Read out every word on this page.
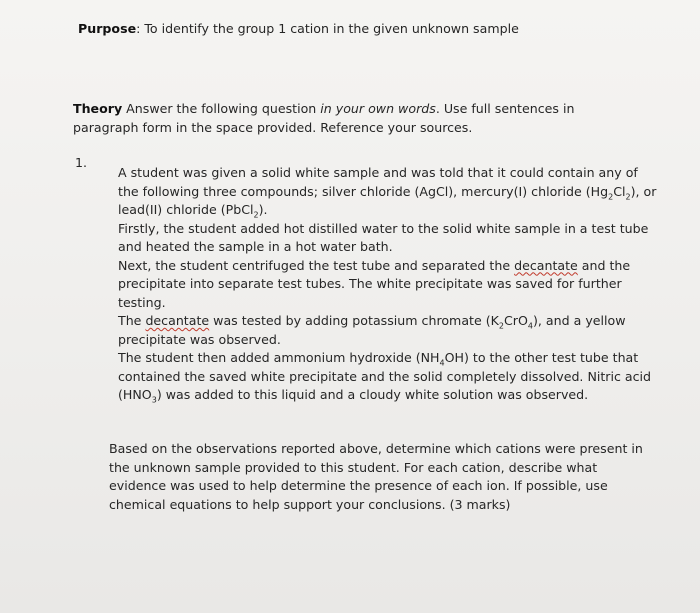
Purpose: To identify the group 1 cation in the given unknown sample
Theory Answer the following question in your own words. Use full sentences in paragraph form in the space provided. Reference your sources.
1.

A student was given a solid white sample and was told that it could contain any of the following three compounds; silver chloride (AgCl), mercury(I) chloride $(Hg_2Cl_2)$, or lead(II) chloride (PbCl$_2$).

Firstly, the student added hot distilled water to the solid white sample in a test tube and heated the sample in a hot water bath.

Next, the student centrifuged the test tube and separated the decantate and the precipitate into separate test tubes. The white precipitate was saved for further testing.

The decantate was tested by adding potassium chromate $(K_2CrO_4)$, and a yellow precipitate was observed.

The student then added ammonium hydroxide $(NH_4OH)$ to the other test tube that contained the saved white precipitate and the solid completely dissolved. Nitric acid $(HNO_3)$ was added to this liquid and a cloudy white solution was observed.

Based on the observations reported above, determine which cations were present in the unknown sample provided to this student. For each cation, describe what evidence was used to help determine the presence of each ion. If possible, use chemical equations to help support your conclusions. (3 marks)
